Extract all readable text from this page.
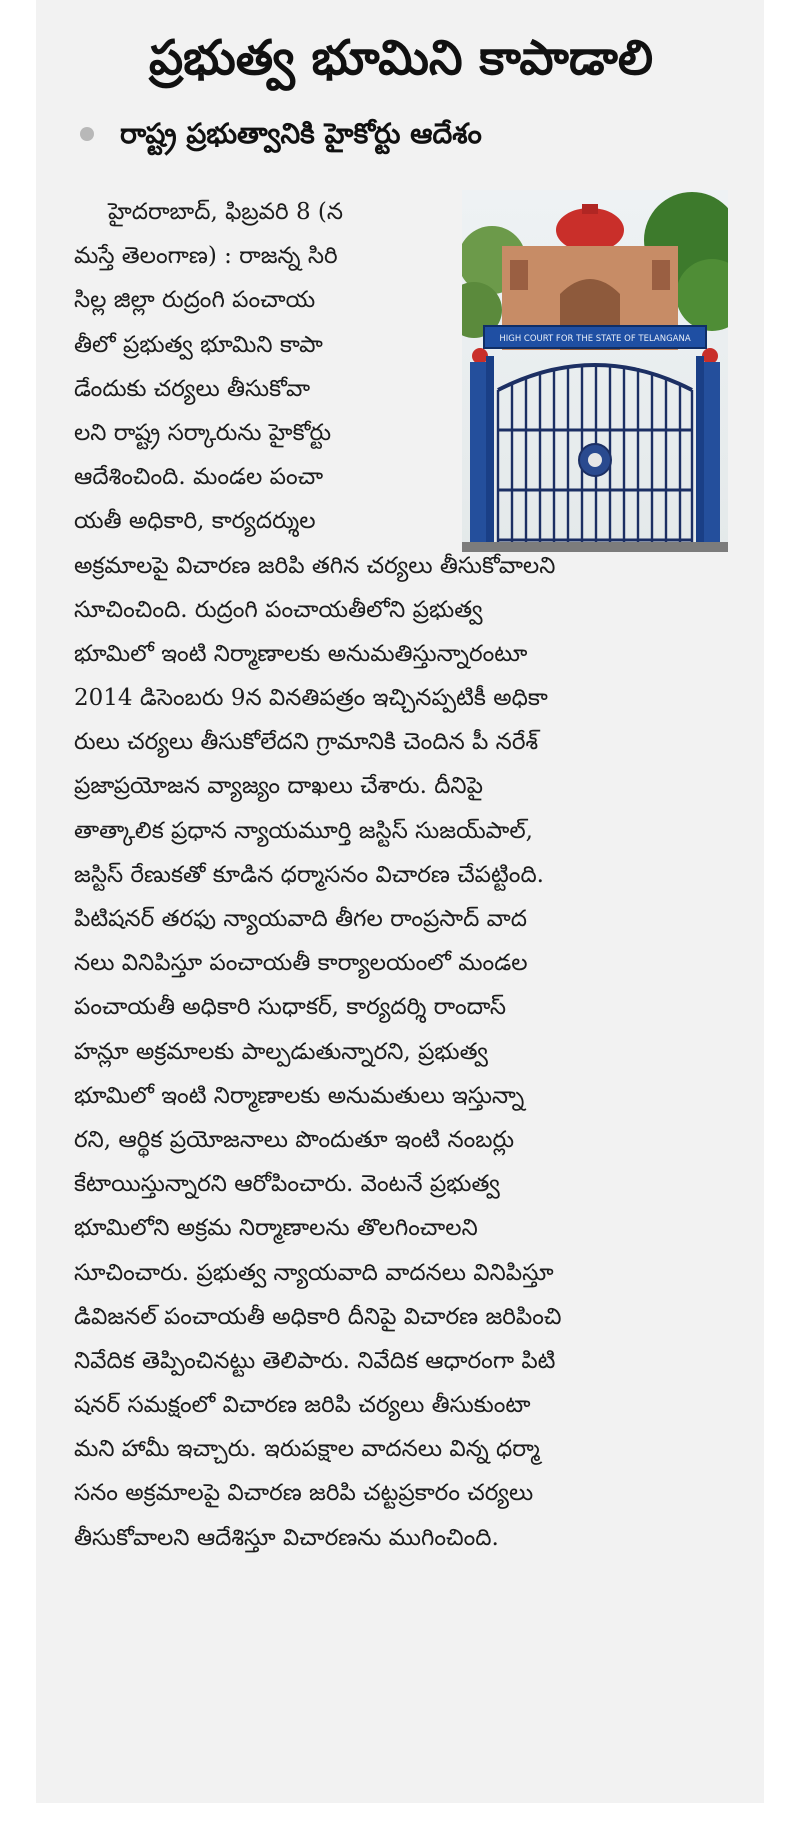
ప్రభుత్వ భూమిని కాపాడాలి
రాష్ట్ర ప్రభుత్వానికి హైకోర్టు ఆదేశం
HIGH COURT FOR THE STATE OF TELANGANA
హైదరాబాద్, ఫిబ్రవరి 8 (న
మస్తే తెలంగాణ) : రాజన్న సిరి
సిల్ల జిల్లా రుద్రంగి పంచాయ
తీలో ప్రభుత్వ భూమిని కాపా
డేందుకు చర్యలు తీసుకోవా
లని రాష్ట్ర సర్కారును హైకోర్టు
ఆదేశించింది. మండల పంచా
యతీ అధికారి, కార్యదర్శుల
అక్రమాలపై విచారణ జరిపి తగిన చర్యలు తీసుకోవాలని
సూచించింది. రుద్రంగి పంచాయతీలోని ప్రభుత్వ
భూమిలో ఇంటి నిర్మాణాలకు అనుమతిస్తున్నారంటూ
2014 డిసెంబరు 9న వినతిపత్రం ఇచ్చినప్పటికీ అధికా
రులు చర్యలు తీసుకోలేదని గ్రామానికి చెందిన పీ నరేశ్
ప్రజాప్రయోజన వ్యాజ్యం దాఖలు చేశారు. దీనిపై
తాత్కాలిక ప్రధాన న్యాయమూర్తి జస్టిస్ సుజయ్‌పాల్,
జస్టిస్ రేణుకతో కూడిన ధర్మాసనం విచారణ చేపట్టింది.
పిటిషనర్ తరఫు న్యాయవాది తీగల రాంప్రసాద్ వాద
నలు వినిపిస్తూ పంచాయతీ కార్యాలయంలో మండల
పంచాయతీ అధికారి సుధాకర్, కార్యదర్శి రాందాస్
హన్లూ అక్రమాలకు పాల్పడుతున్నారని, ప్రభుత్వ
భూమిలో ఇంటి నిర్మాణాలకు అనుమతులు ఇస్తున్నా
రని, ఆర్థిక ప్రయోజనాలు పొందుతూ ఇంటి నంబర్లు
కేటాయిస్తున్నారని ఆరోపించారు. వెంటనే ప్రభుత్వ
భూమిలోని అక్రమ నిర్మాణాలను తొలగించాలని
సూచించారు. ప్రభుత్వ న్యాయవాది వాదనలు వినిపిస్తూ
డివిజనల్ పంచాయతీ అధికారి దీనిపై విచారణ జరిపించి
నివేదిక తెప్పించినట్టు తెలిపారు. నివేదిక ఆధారంగా పిటి
షనర్ సమక్షంలో విచారణ జరిపి చర్యలు తీసుకుంటా
మని హామీ ఇచ్చారు. ఇరుపక్షాల వాదనలు విన్న ధర్మా
సనం అక్రమాలపై విచారణ జరిపి చట్టప్రకారం చర్యలు
తీసుకోవాలని ఆదేశిస్తూ విచారణను ముగించింది.
